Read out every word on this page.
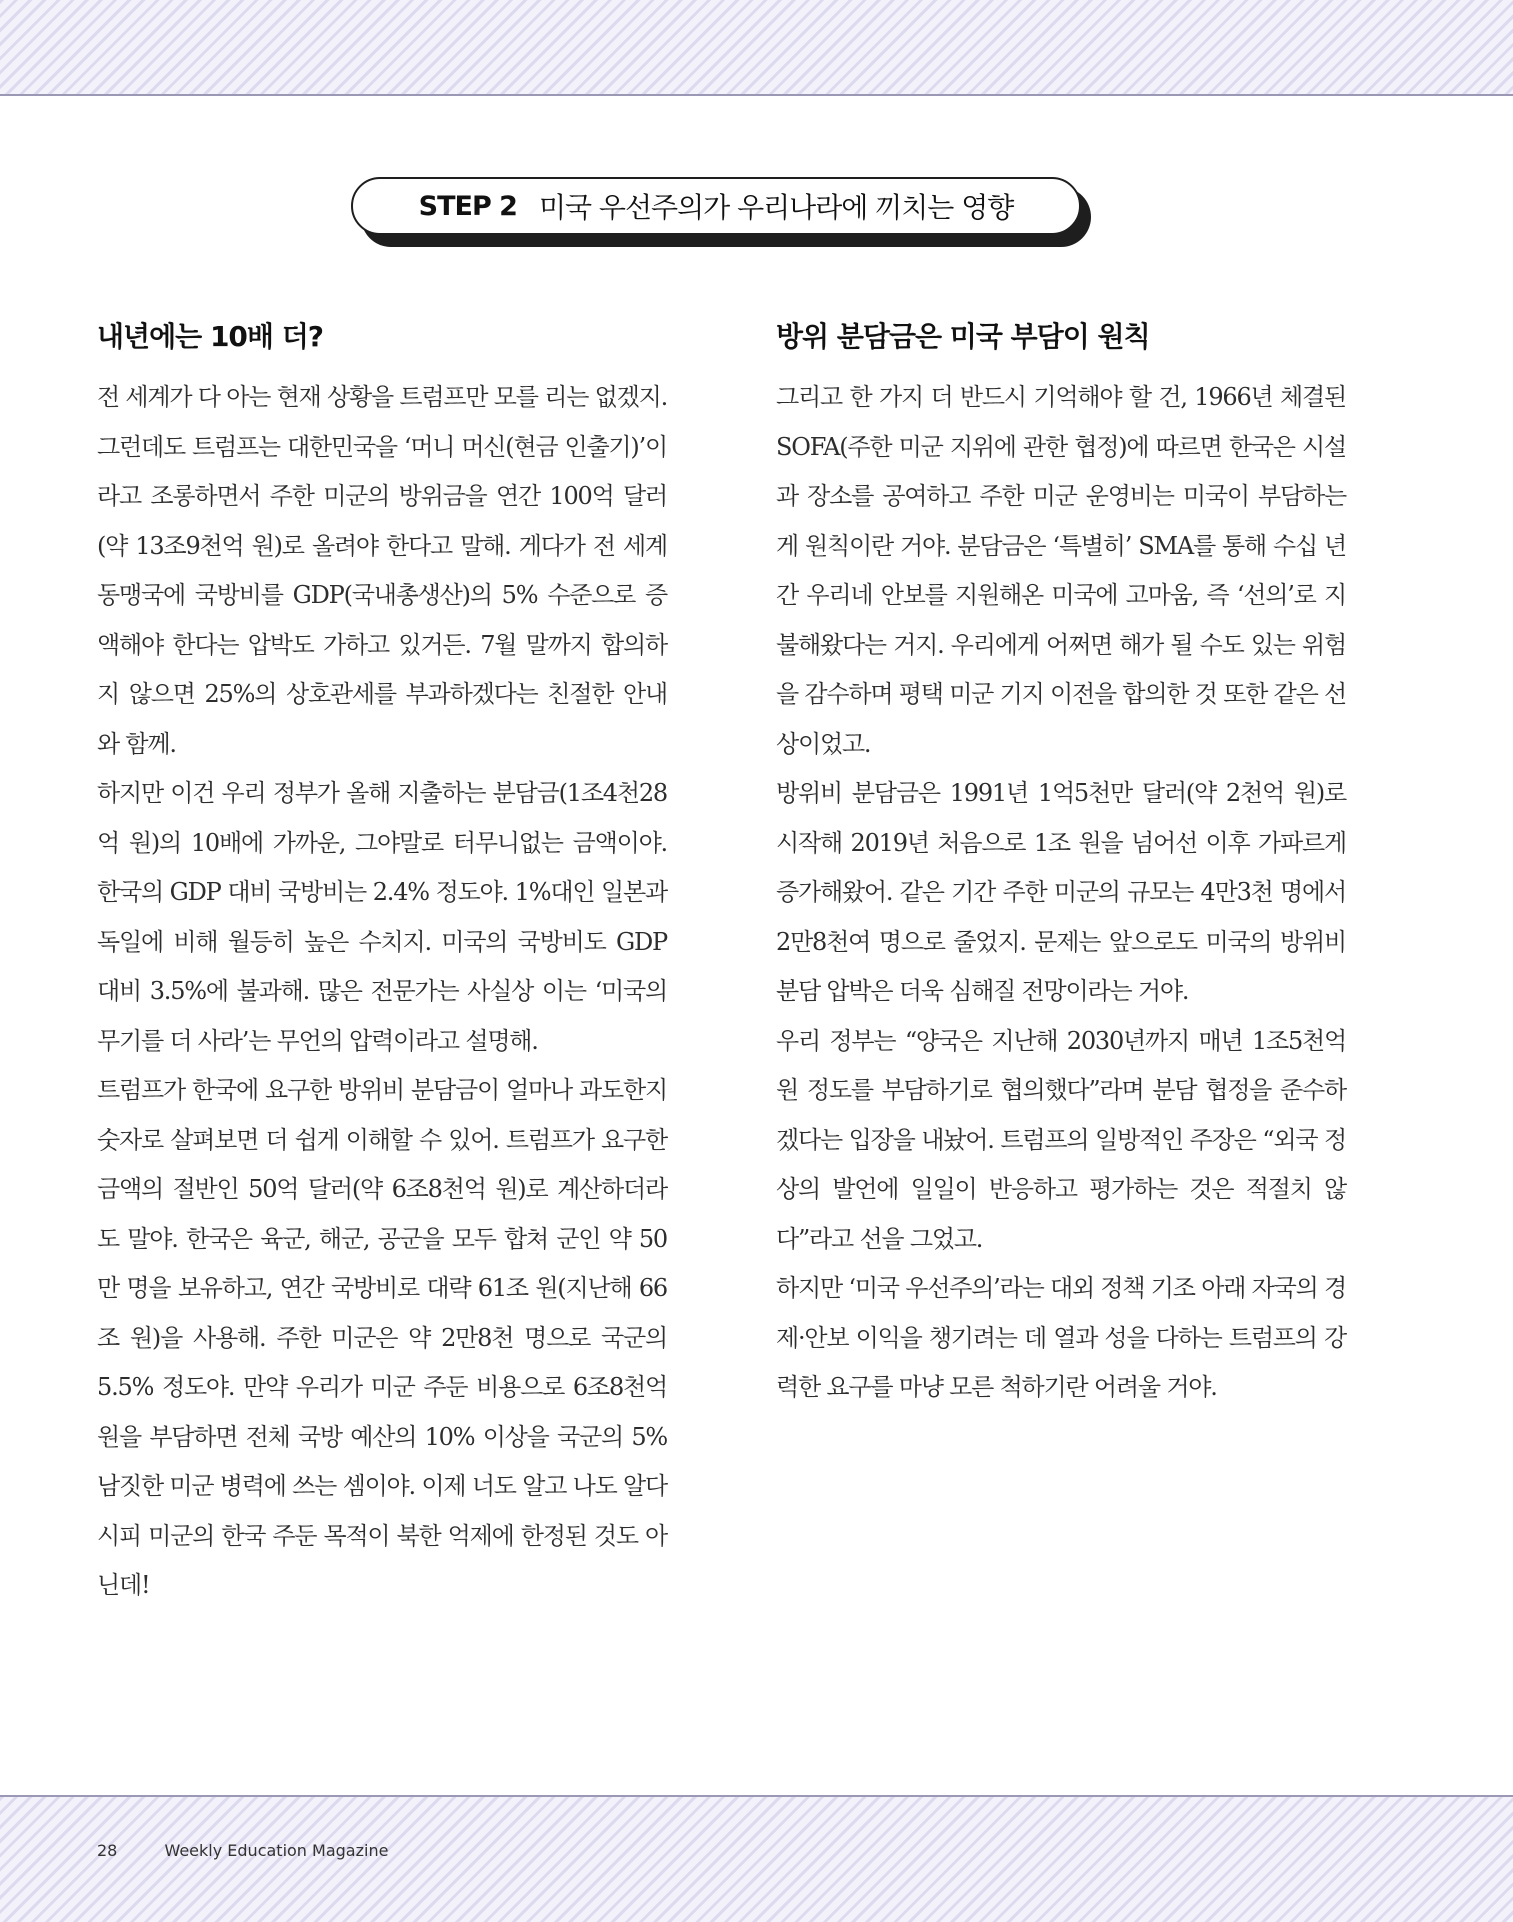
STEP 2 미국 우선주의가 우리나라에 끼치는 영향
내년에는 10배 더?

전 세계가 다 아는 현재 상황을 트럼프만 모를 리는 없겠지. 그런데도 트럼프는 대한민국을 ‘머니 머신(현금 인출기)’이라고 조롱하면서 주한 미군의 방위금을 연간 100억 달러(약 13조9천억 원)로 올려야 한다고 말해. 게다가 전 세계 동맹국에 국방비를 GDP(국내총생산)의 5% 수준으로 증액해야 한다는 압박도 가하고 있거든. 7월 말까지 합의하지 않으면 25%의 상호관세를 부과하겠다는 친절한 안내와 함께.

하지만 이건 우리 정부가 올해 지출하는 분담금(1조4천28억 원)의 10배에 가까운, 그야말로 터무니없는 금액이야. 한국의 GDP 대비 국방비는 2.4% 정도야. 1%대인 일본과 독일에 비해 월등히 높은 수치지. 미국의 국방비도 GDP 대비 3.5%에 불과해. 많은 전문가는 사실상 이는 ‘미국의 무기를 더 사라’는 무언의 압력이라고 설명해.

트럼프가 한국에 요구한 방위비 분담금이 얼마나 과도한지 숫자로 살펴보면 더 쉽게 이해할 수 있어. 트럼프가 요구한 금액의 절반인 50억 달러(약 6조8천억 원)로 계산하더라도 말야. 한국은 육군, 해군, 공군을 모두 합쳐 군인 약 50만 명을 보유하고, 연간 국방비로 대략 61조 원(지난해 66조 원)을 사용해. 주한 미군은 약 2만8천 명으로 국군의 5.5% 정도야. 만약 우리가 미군 주둔 비용으로 6조8천억 원을 부담하면 전체 국방 예산의 10% 이상을 국군의 5% 남짓한 미군 병력에 쓰는 셈이야. 이제 너도 알고 나도 알다시피 미군의 한국 주둔 목적이 북한 억제에 한정된 것도 아닌데!

방위 분담금은 미국 부담이 원칙

그리고 한 가지 더 반드시 기억해야 할 건, 1966년 체결된 SOFA(주한 미군 지위에 관한 협정)에 따르면 한국은 시설과 장소를 공여하고 주한 미군 운영비는 미국이 부담하는 게 원칙이란 거야. 분담금은 ‘특별히’ SMA를 통해 수십 년간 우리네 안보를 지원해온 미국에 고마움, 즉 ‘선의’로 지불해왔다는 거지. 우리에게 어쩌면 해가 될 수도 있는 위험을 감수하며 평택 미군 기지 이전을 합의한 것 또한 같은 선상이었고.

방위비 분담금은 1991년 1억5천만 달러(약 2천억 원)로 시작해 2019년 처음으로 1조 원을 넘어선 이후 가파르게 증가해왔어. 같은 기간 주한 미군의 규모는 4만3천 명에서 2만8천여 명으로 줄었지. 문제는 앞으로도 미국의 방위비 분담 압박은 더욱 심해질 전망이라는 거야.

우리 정부는 “양국은 지난해 2030년까지 매년 1조5천억 원 정도를 부담하기로 협의했다”라며 분담 협정을 준수하겠다는 입장을 내놨어. 트럼프의 일방적인 주장은 “외국 정상의 발언에 일일이 반응하고 평가하는 것은 적절치 않다”라고 선을 그었고.

하지만 ‘미국 우선주의’라는 대외 정책 기조 아래 자국의 경제·안보 이익을 챙기려는 데 열과 성을 다하는 트럼프의 강력한 요구를 마냥 모른 척하기란 어려울 거야.

28	Weekly Education Magazine
